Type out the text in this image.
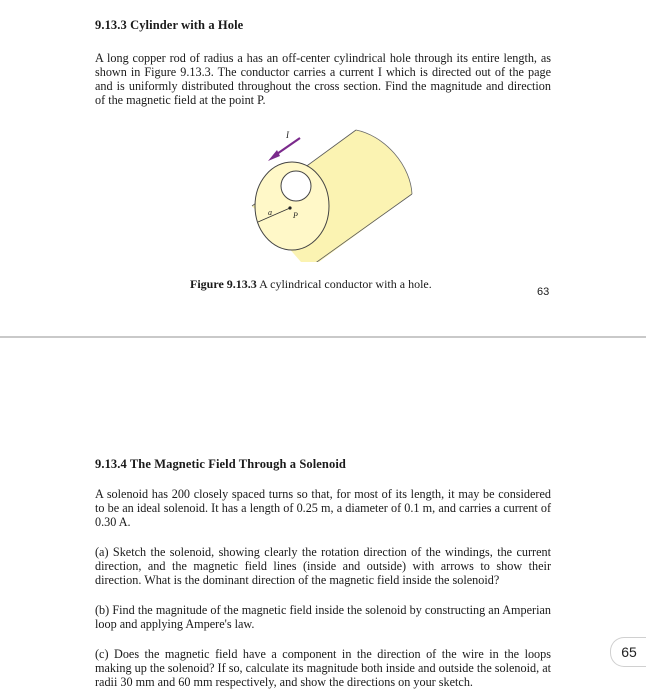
9.13.3 Cylinder with a Hole
A long copper rod of radius a has an off-center cylindrical hole through its entire length, as shown in Figure 9.13.3. The conductor carries a current I which is directed out of the page and is uniformly distributed throughout the cross section. Find the magnitude and direction of the magnetic field at the point P.
I
a	P
Figure 9.13.3 A cylindrical conductor with a hole.
63
9.13.4 The Magnetic Field Through a Solenoid
A solenoid has 200 closely spaced turns so that, for most of its length, it may be considered to be an ideal solenoid. It has a length of 0.25 m, a diameter of 0.1 m, and carries a current of 0.30 A.
(a) Sketch the solenoid, showing clearly the rotation direction of the windings, the current direction, and the magnetic field lines (inside and outside) with arrows to show their direction. What is the dominant direction of the magnetic field inside the solenoid?
(b) Find the magnitude of the magnetic field inside the solenoid by constructing an Amperian loop and applying Ampere's law.
(c) Does the magnetic field have a component in the direction of the wire in the loops making up the solenoid? If so, calculate its magnitude both inside and outside the solenoid, at radii 30 mm and 60 mm respectively, and show the directions on your sketch.
65
